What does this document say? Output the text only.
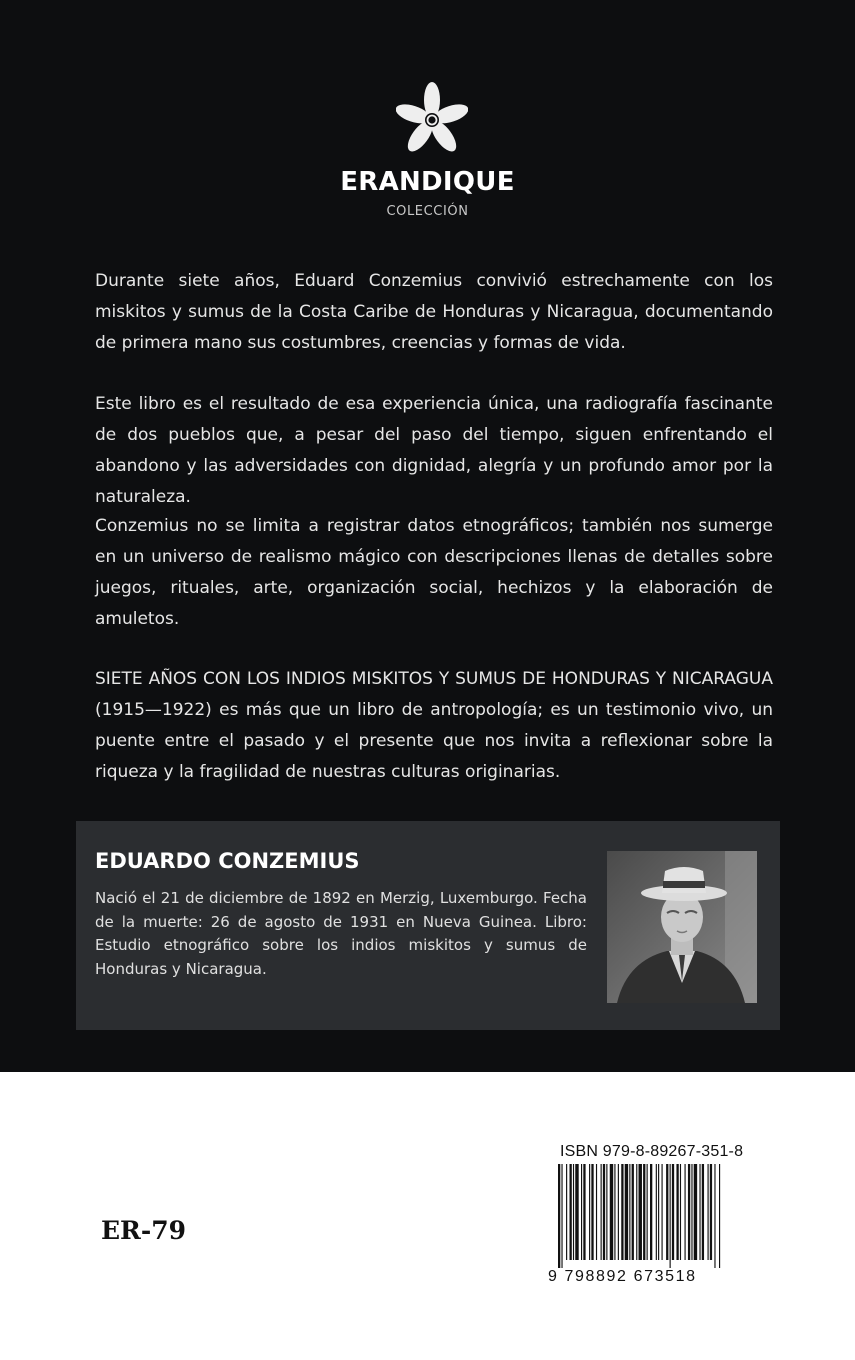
ERANDIQUE
COLECCIÓN

Durante siete años, Eduard Conzemius convivió estrechamente con los miskitos y sumus de la Costa Caribe de Honduras y Nicaragua, documentando de primera mano sus costumbres, creencias y formas de vida.

Este libro es el resultado de esa experiencia única, una radiografía fascinante de dos pueblos que, a pesar del paso del tiempo, siguen enfrentando el abandono y las adversidades con dignidad, alegría y un profundo amor por la naturaleza.

Conzemius no se limita a registrar datos etnográficos; también nos sumerge en un universo de realismo mágico con descripciones llenas de detalles sobre juegos, rituales, arte, organización social, hechizos y la elaboración de amuletos.

SIETE AÑOS CON LOS INDIOS MISKITOS Y SUMUS DE HONDURAS Y NICARAGUA (1915—1922) es más que un libro de antropología; es un testimonio vivo, un puente entre el pasado y el presente que nos invita a reflexionar sobre la riqueza y la fragilidad de nuestras culturas originarias.

EDUARDO CONZEMIUS

Nació el 21 de diciembre de 1892 en Merzig, Luxemburgo. Fecha de la muerte: 26 de agosto de 1931 en Nueva Guinea. Libro: Estudio etnográfico sobre los indios miskitos y sumus de Honduras y Nicaragua.

ER-79
ISBN 979-8-89267-351-8
9 798892 673518
